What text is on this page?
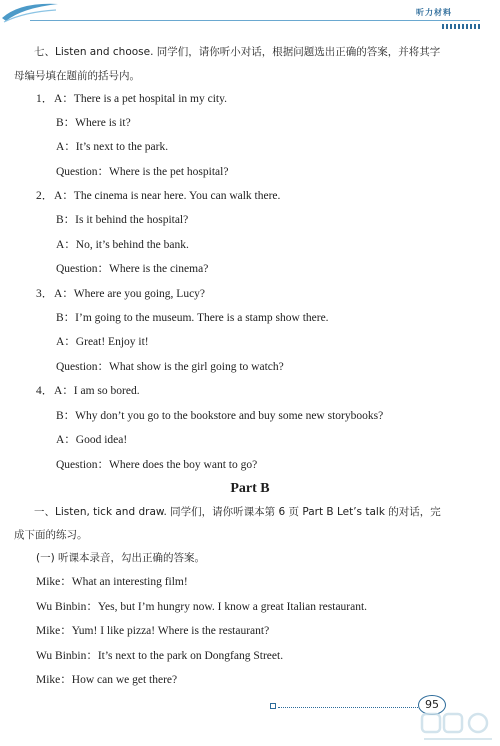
听力材料
七、Listen and choose. 同学们，请你听小对话，根据问题选出正确的答案，并将其字
母编号填在题前的括号内。
1．A：There is a pet hospital in my city.
B：Where is it?
A：It’s next to the park.
Question：Where is the pet hospital?
2．A：The cinema is near here. You can walk there.
B：Is it behind the hospital?
A：No, it’s behind the bank.
Question：Where is the cinema?
3．A：Where are you going, Lucy?
B：I’m going to the museum. There is a stamp show there.
A：Great! Enjoy it!
Question：What show is the girl going to watch?
4．A：I am so bored.
B：Why don’t you go to the bookstore and buy some new storybooks?
A：Good idea!
Question：Where does the boy want to go?
Part B
一、Listen, tick and draw. 同学们，请你听课本第 6 页 Part B Let’s talk 的对话，完
成下面的练习。
(一) 听课本录音，勾出正确的答案。
Mike：What an interesting film!
Wu Binbin：Yes, but I’m hungry now. I know a great Italian restaurant.
Mike：Yum! I like pizza! Where is the restaurant?
Wu Binbin：It’s next to the park on Dongfang Street.
Mike：How can we get there?
95
